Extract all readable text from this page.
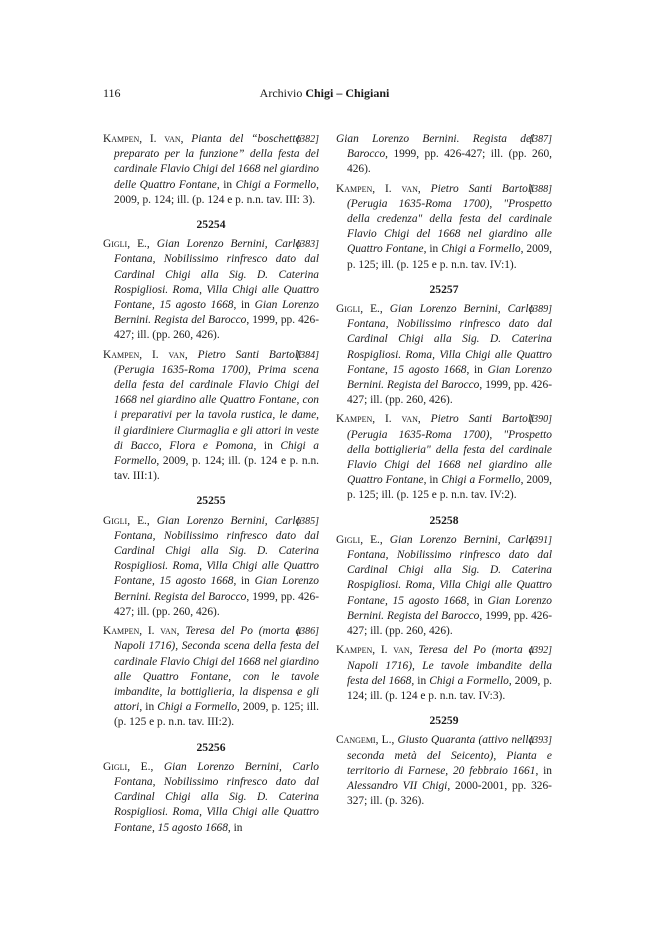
116	Archivio Chigi – Chigiani
[382]
Kampen, I. van, Pianta del “boschetto preparato per la funzione” della festa del cardinale Flavio Chigi del 1668 nel giardino delle Quattro Fontane, in Chigi a Formello, 2009, p. 124; ill. (p. 124 e p. n.n. tav. III: 3).
25254
[383]
Gigli, E., Gian Lorenzo Bernini, Carlo Fontana, Nobilissimo rinfresco dato dal Cardinal Chigi alla Sig. D. Caterina Rospigliosi. Roma, Villa Chigi alle Quattro Fontane, 15 agosto 1668, in Gian Lorenzo Bernini. Regista del Barocco, 1999, pp. 426-427; ill. (pp. 260, 426).
[384]
Kampen, I. van, Pietro Santi Bartoli (Perugia 1635-Roma 1700), Prima scena della festa del cardinale Flavio Chigi del 1668 nel giardino alle Quattro Fontane, con i preparativi per la tavola rustica, le dame, il giardiniere Ciurmaglia e gli attori in veste di Bacco, Flora e Pomona, in Chigi a Formello, 2009, p. 124; ill. (p. 124 e p. n.n. tav. III:1).
25255
[385]
Gigli, E., Gian Lorenzo Bernini, Carlo Fontana, Nobilissimo rinfresco dato dal Cardinal Chigi alla Sig. D. Caterina Rospigliosi. Roma, Villa Chigi alle Quattro Fontane, 15 agosto 1668, in Gian Lorenzo Bernini. Regista del Barocco, 1999, pp. 426-427; ill. (pp. 260, 426).
[386]
Kampen, I. van, Teresa del Po (morta a Napoli 1716), Seconda scena della festa del cardinale Flavio Chigi del 1668 nel giardino alle Quattro Fontane, con le tavole imbandite, la bottiglieria, la dispensa e gli attori, in Chigi a Formello, 2009, p. 125; ill. (p. 125 e p. n.n. tav. III:2).
25256
Gigli, E., Gian Lorenzo Bernini, Carlo Fontana, Nobilissimo rinfresco dato dal Cardinal Chigi alla Sig. D. Caterina Rospigliosi. Roma, Villa Chigi alle Quattro Fontane, 15 agosto 1668, in
[387]
Gian Lorenzo Bernini. Regista del Barocco, 1999, pp. 426-427; ill. (pp. 260, 426).
[388]
Kampen, I. van, Pietro Santi Bartoli (Perugia 1635-Roma 1700), "Prospetto della credenza" della festa del cardinale Flavio Chigi del 1668 nel giardino alle Quattro Fontane, in Chigi a Formello, 2009, p. 125; ill. (p. 125 e p. n.n. tav. IV:1).
25257
[389]
Gigli, E., Gian Lorenzo Bernini, Carlo Fontana, Nobilissimo rinfresco dato dal Cardinal Chigi alla Sig. D. Caterina Rospigliosi. Roma, Villa Chigi alle Quattro Fontane, 15 agosto 1668, in Gian Lorenzo Bernini. Regista del Barocco, 1999, pp. 426-427; ill. (pp. 260, 426).
[390]
Kampen, I. van, Pietro Santi Bartoli (Perugia 1635-Roma 1700), "Prospetto della bottiglieria" della festa del cardinale Flavio Chigi del 1668 nel giardino alle Quattro Fontane, in Chigi a Formello, 2009, p. 125; ill. (p. 125 e p. n.n. tav. IV:2).
25258
[391]
Gigli, E., Gian Lorenzo Bernini, Carlo Fontana, Nobilissimo rinfresco dato dal Cardinal Chigi alla Sig. D. Caterina Rospigliosi. Roma, Villa Chigi alle Quattro Fontane, 15 agosto 1668, in Gian Lorenzo Bernini. Regista del Barocco, 1999, pp. 426-427; ill. (pp. 260, 426).
[392]
Kampen, I. van, Teresa del Po (morta a Napoli 1716), Le tavole imbandite della festa del 1668, in Chigi a Formello, 2009, p. 124; ill. (p. 124 e p. n.n. tav. IV:3).
25259
[393]
Cangemi, L., Giusto Quaranta (attivo nella seconda metà del Seicento), Pianta e territorio di Farnese, 20 febbraio 1661, in Alessandro VII Chigi, 2000-2001, pp. 326-327; ill. (p. 326).
